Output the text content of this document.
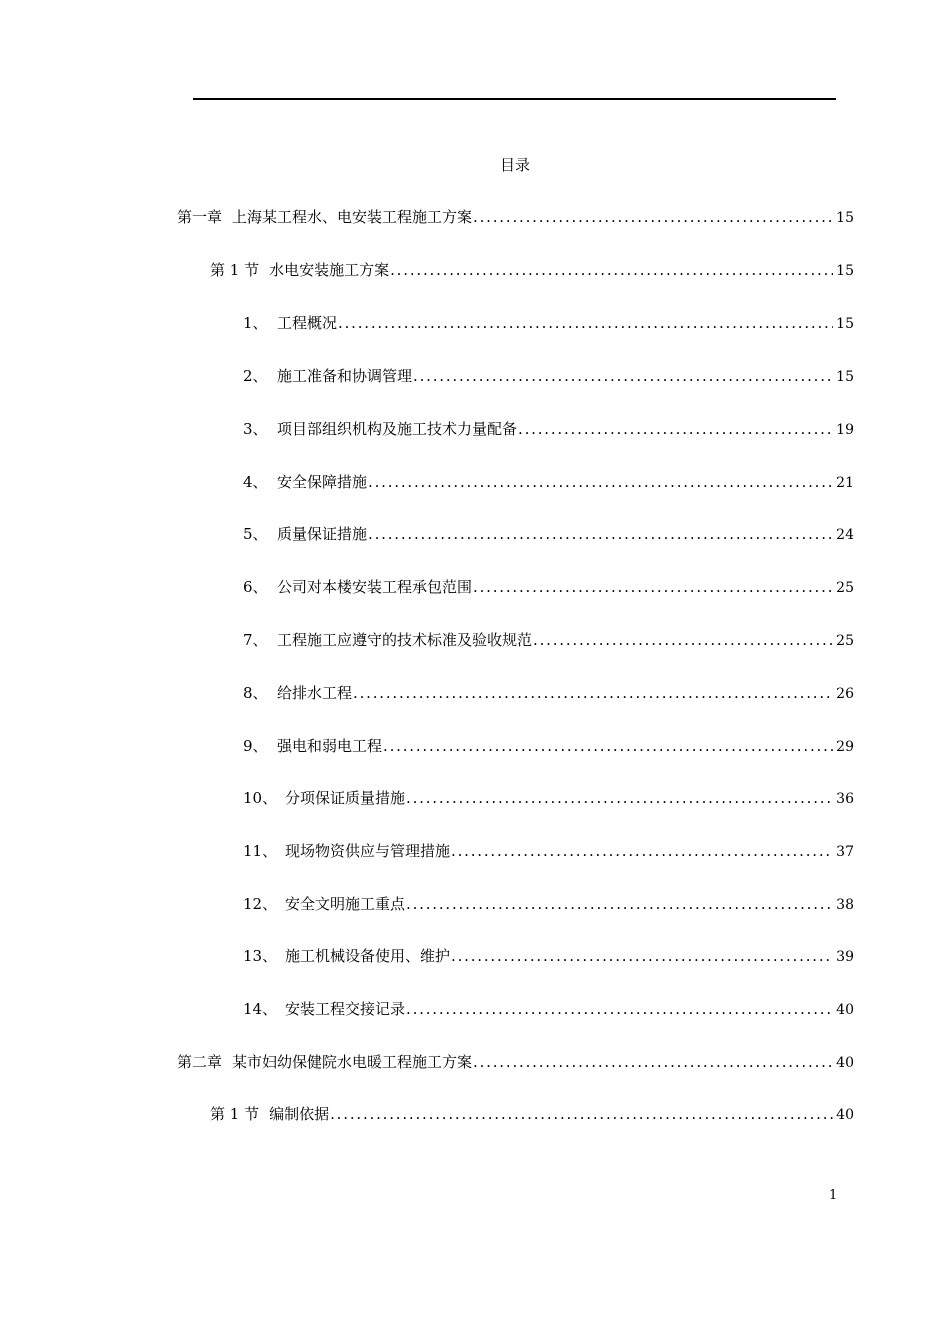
目录
第一章 上海某工程水、电安装工程施工方案 .....	15
第 1 节 水电安装施工方案 .....	15
1、 工程概况 .....	15
2、 施工准备和协调管理 .....	15
3、 项目部组织机构及施工技术力量配备 .....	19
4、 安全保障措施 .....	21
5、 质量保证措施 .....	24
6、 公司对本楼安装工程承包范围 .....	25
7、 工程施工应遵守的技术标准及验收规范 .....	25
8、 给排水工程 .....	26
9、 强电和弱电工程 .....	29
10、 分项保证质量措施 .....	36
11、 现场物资供应与管理措施 .....	37
12、 安全文明施工重点 .....	38
13、 施工机械设备使用、维护 .....	39
14、 安装工程交接记录 .....	40
第二章 某市妇幼保健院水电暖工程施工方案 .....	40
第 1 节 编制依据 .....	40
1
